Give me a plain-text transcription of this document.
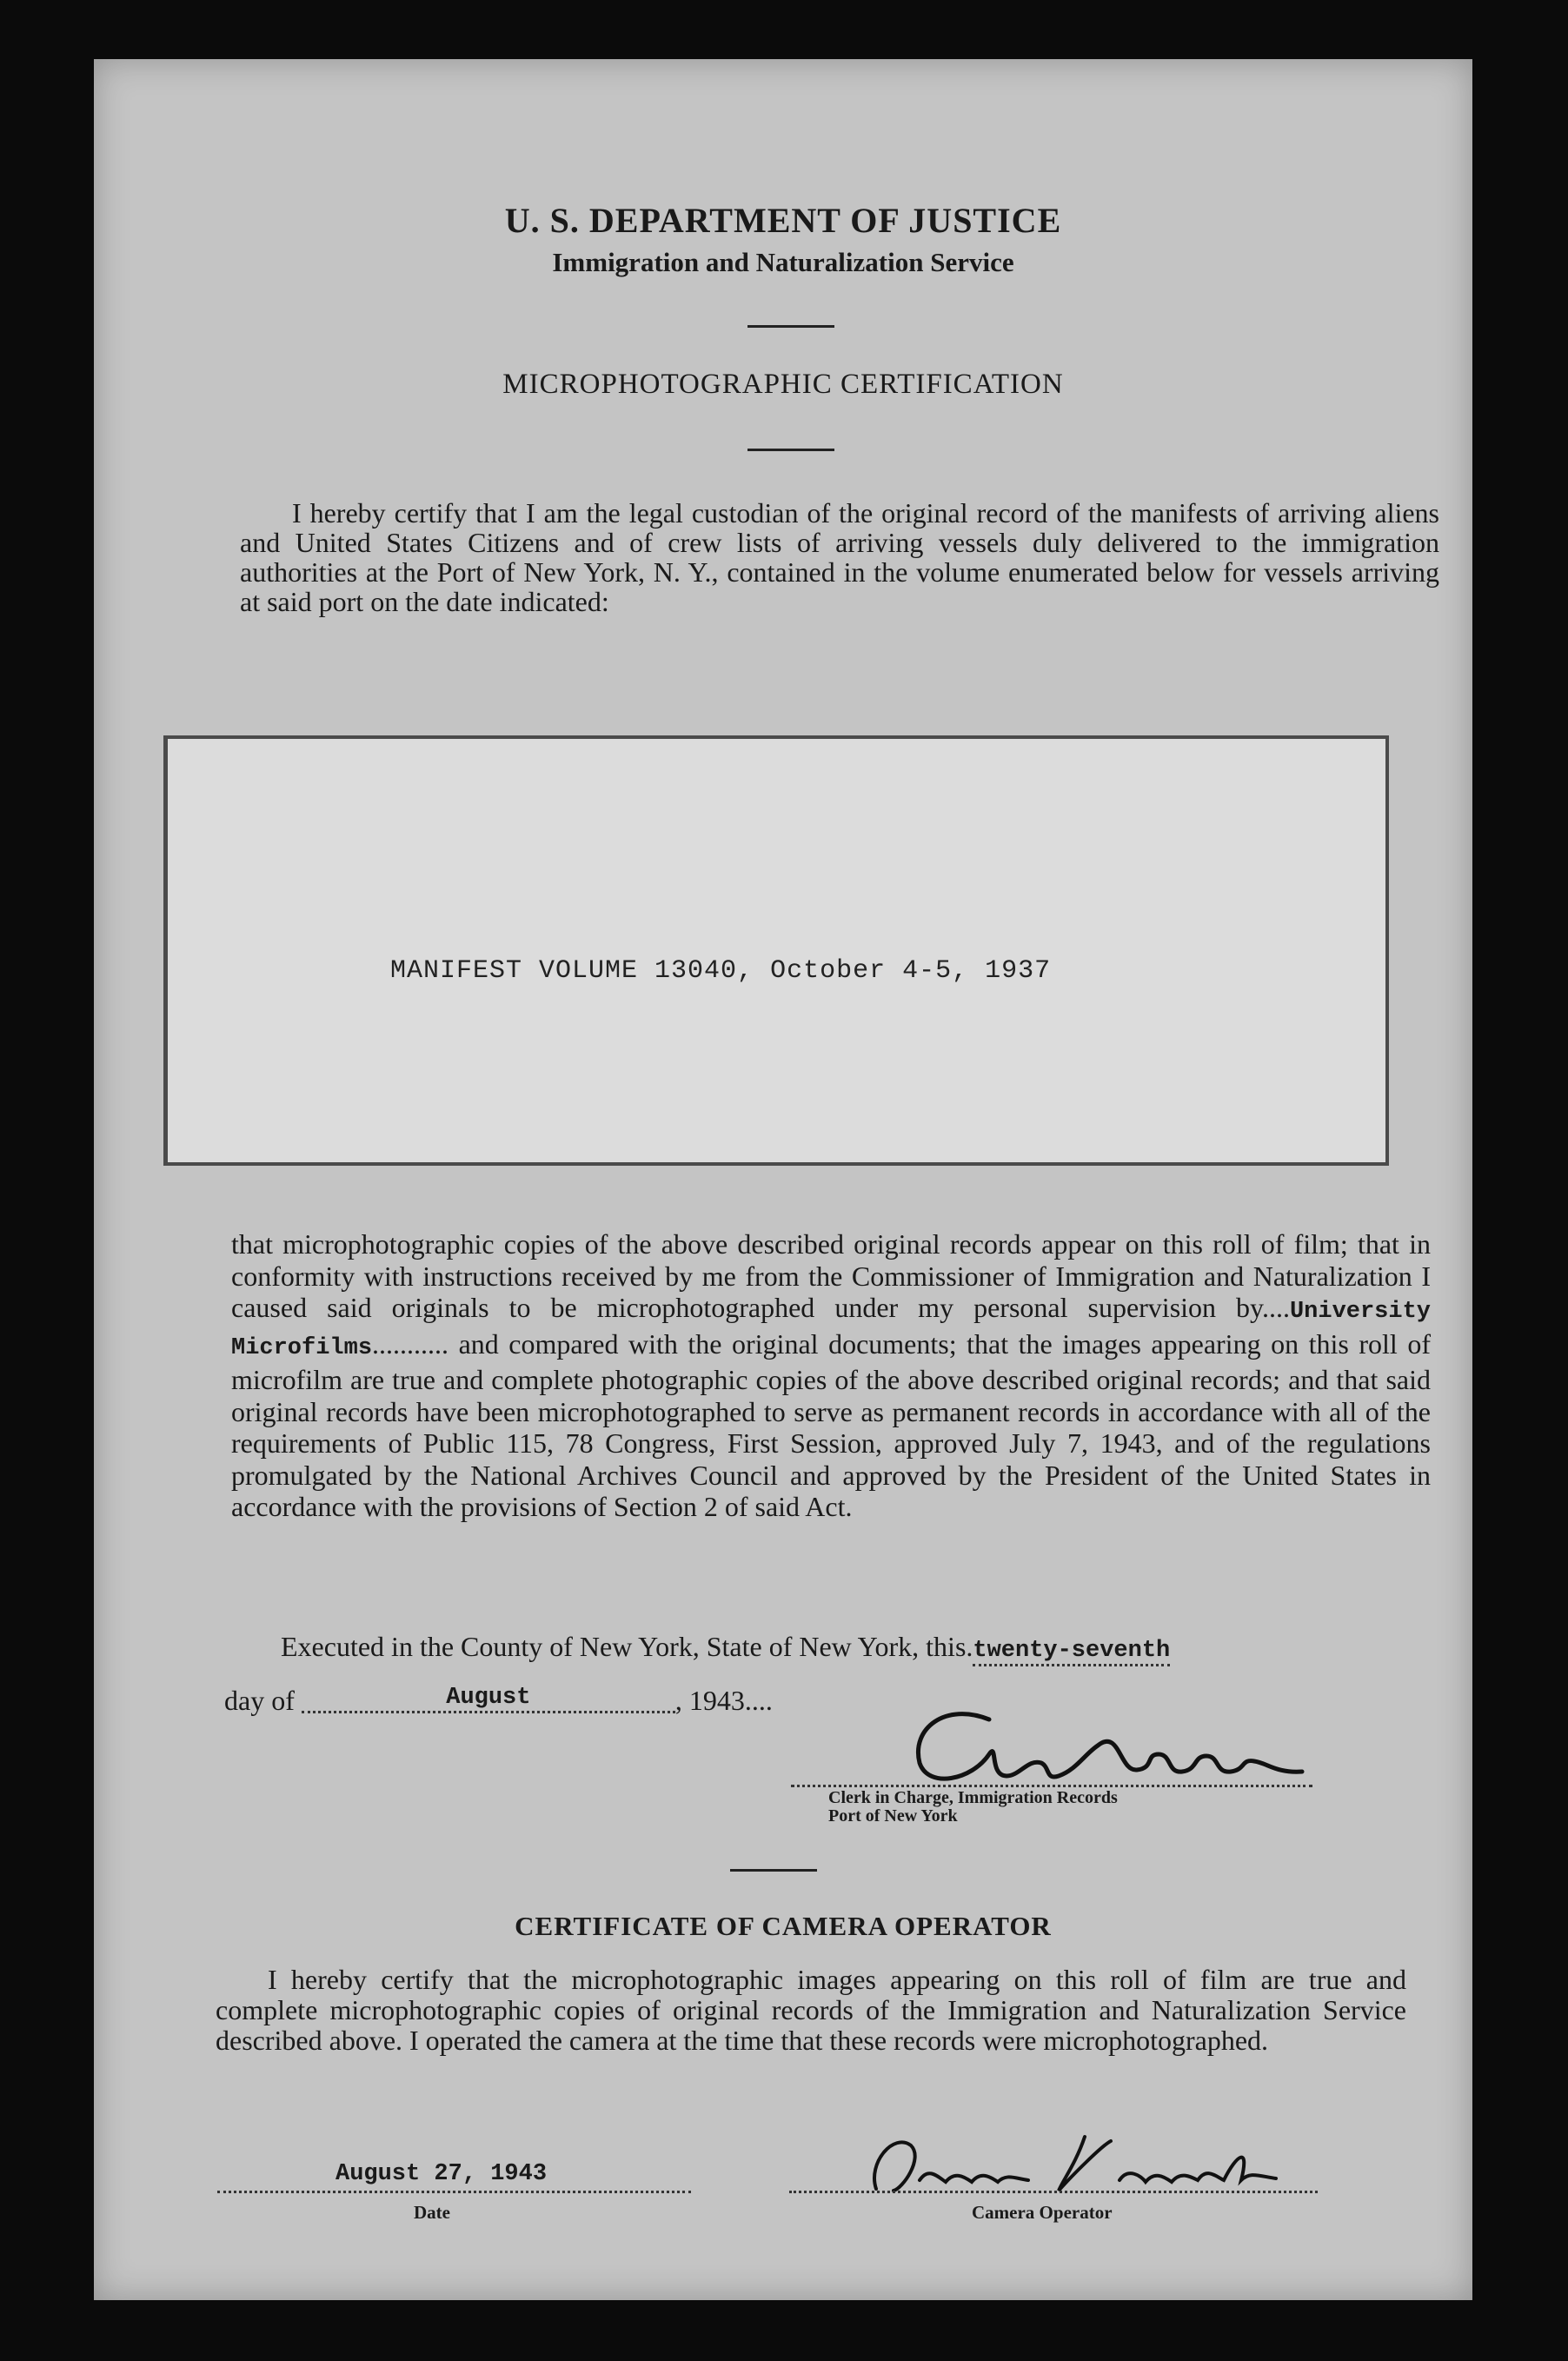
U. S. DEPARTMENT OF JUSTICE
Immigration and Naturalization Service
MICROPHOTOGRAPHIC CERTIFICATION
I hereby certify that I am the legal custodian of the original record of the manifests of arriving aliens and United States Citizens and of crew lists of arriving vessels duly delivered to the immigration authorities at the Port of New York, N. Y., contained in the volume enumerated below for vessels arriving at said port on the date indicated:
MANIFEST VOLUME 13040, October 4-5, 1937
that microphotographic copies of the above described original records appear on this roll of film; that in conformity with instructions received by me from the Commissioner of Immigration and Naturalization I caused said originals to be microphotographed under my personal supervision by....University Microfilms........... and compared with the original documents; that the images appearing on this roll of microfilm are true and complete photographic copies of the above described original records; and that said original records have been microphotographed to serve as permanent records in accordance with all of the requirements of Public 115, 78 Congress, First Session, approved July 7, 1943, and of the regulations promulgated by the National Archives Council and approved by the President of the United States in accordance with the provisions of Section 2 of said Act.
Executed in the County of New York, State of New York, this.twenty-seventh
day of	August	, 1943....
Clerk in Charge, Immigration Records
Port of New York
CERTIFICATE OF CAMERA OPERATOR
I hereby certify that the microphotographic images appearing on this roll of film are true and complete microphotographic copies of original records of the Immigration and Naturalization Service described above. I operated the camera at the time that these records were microphotographed.
August 27, 1943
Date	Camera Operator
